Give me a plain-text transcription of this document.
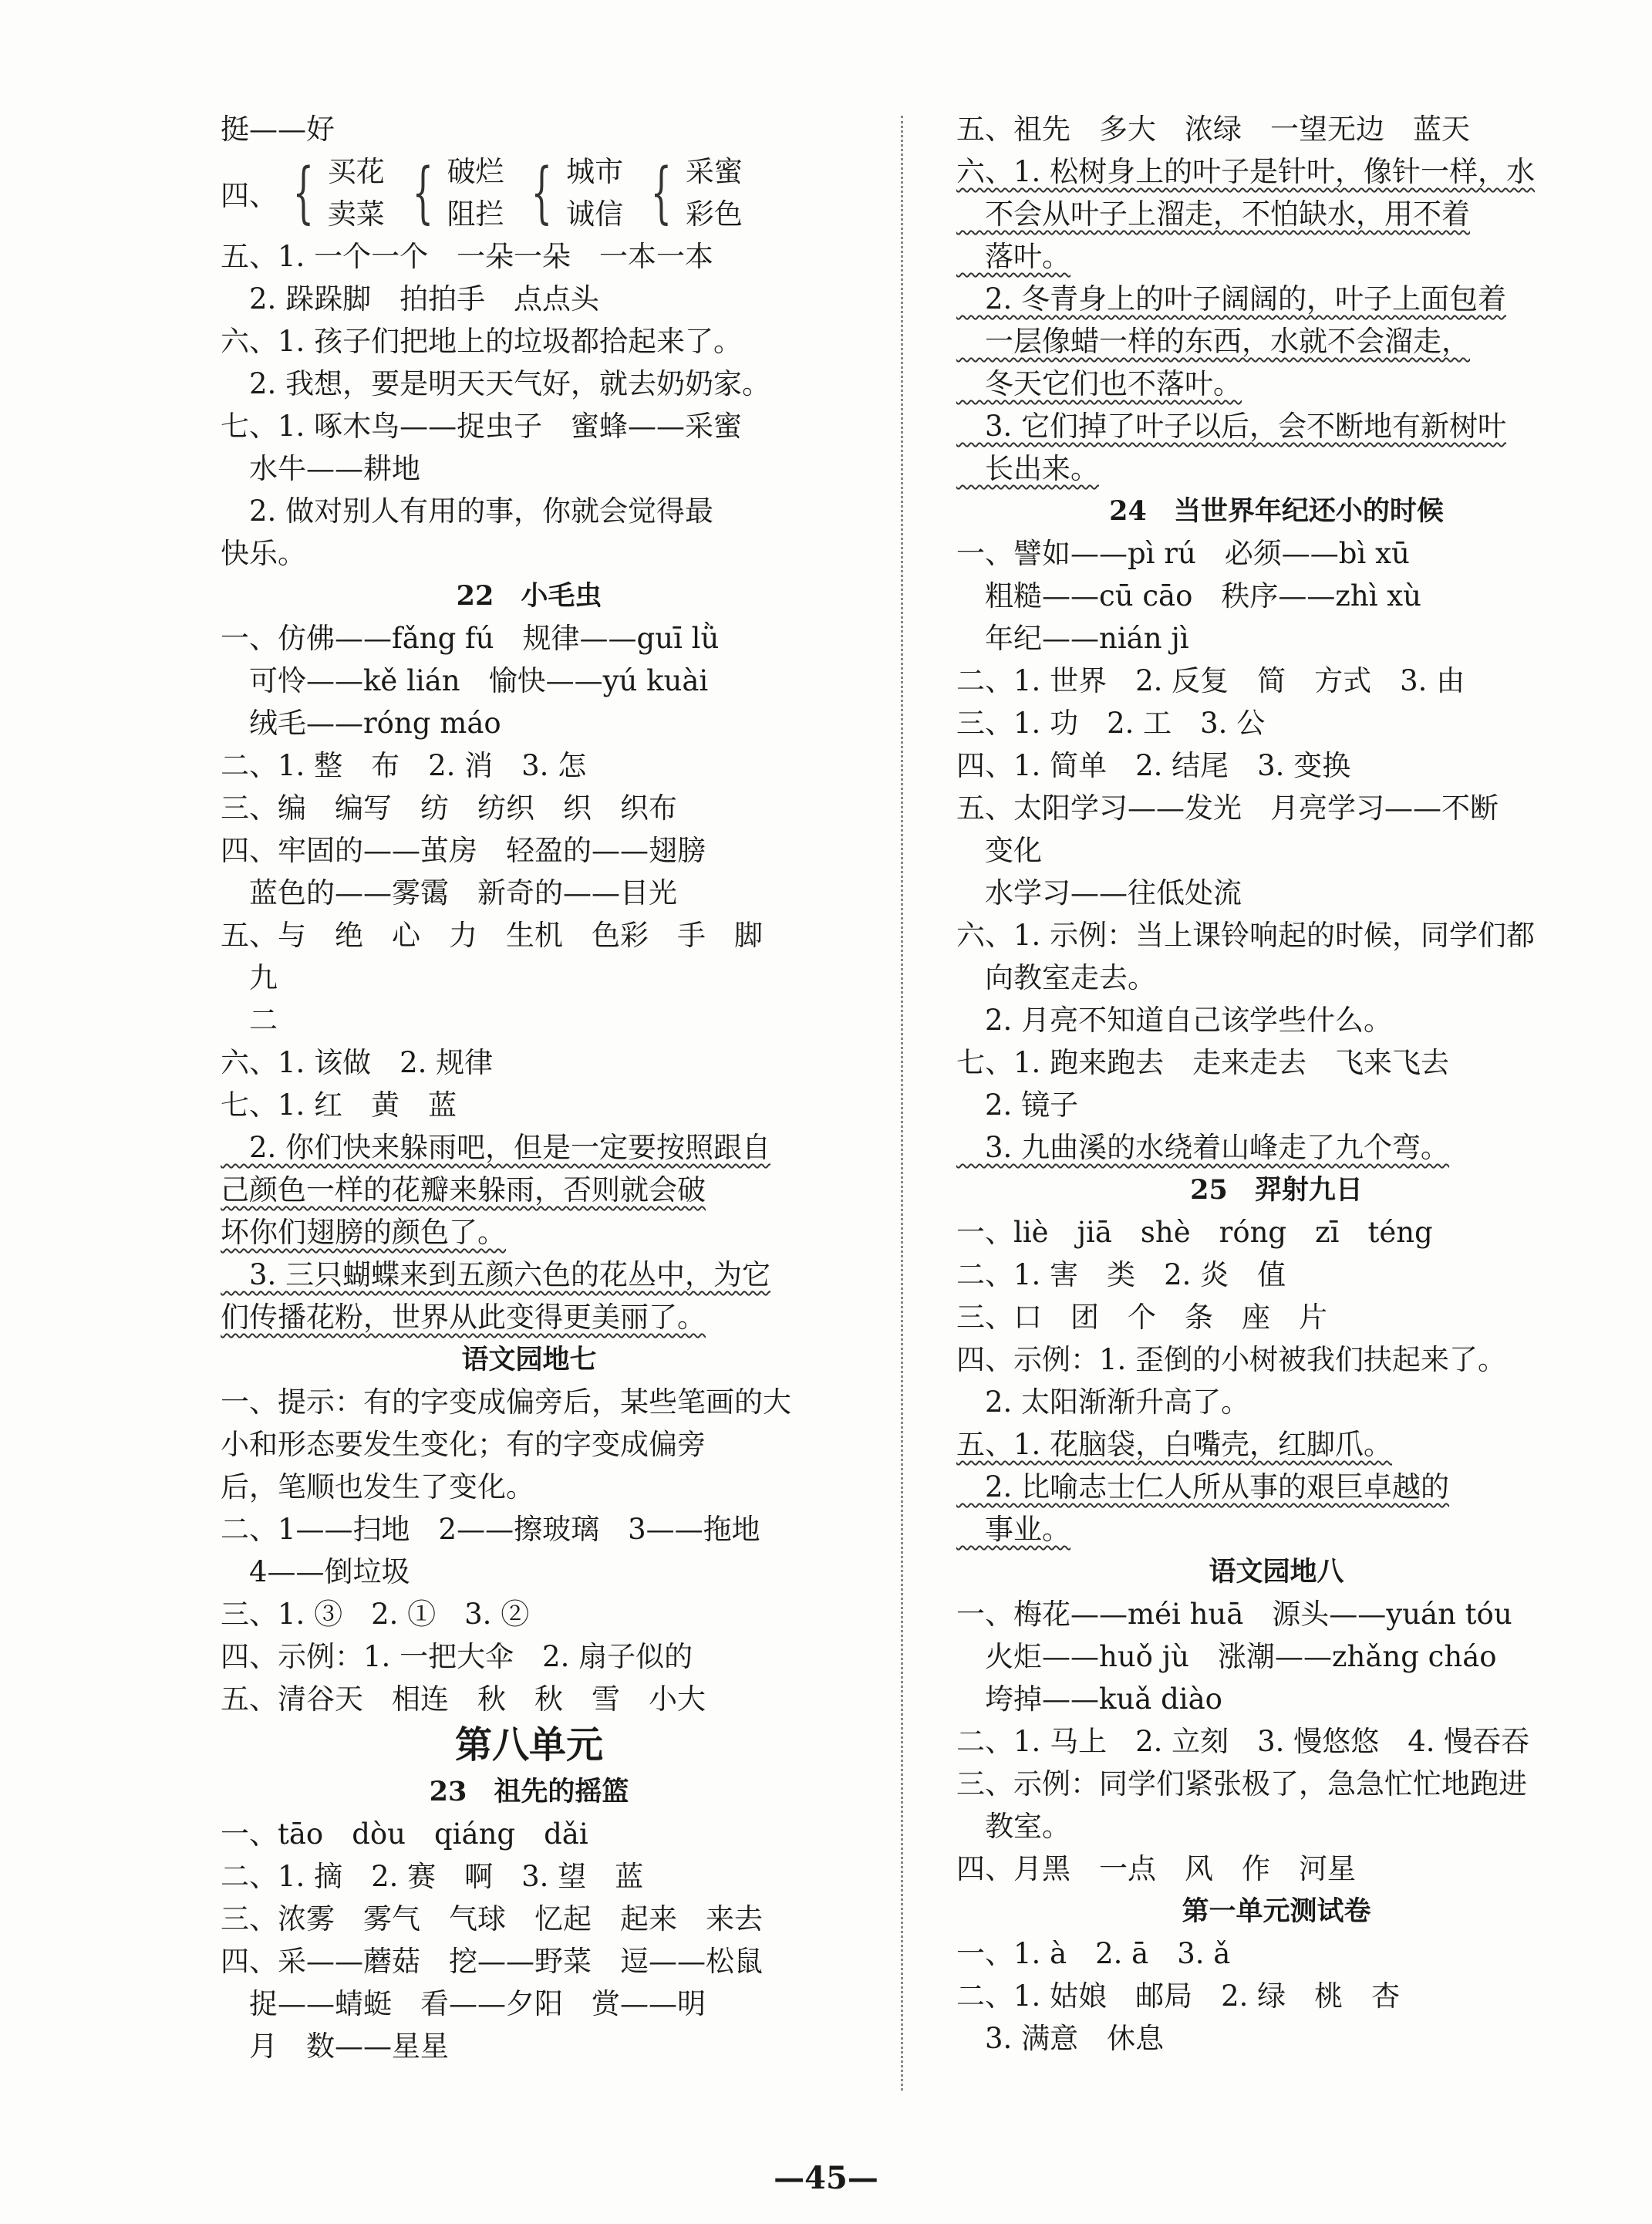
挺——好
四、 { 买花
卖菜 { 破烂
阻拦 { 城市
诚信 { 采蜜
彩色
五、1. 一个一个　一朵一朵　一本一本
　2. 跺跺脚　拍拍手　点点头
六、1. 孩子们把地上的垃圾都拾起来了。
　2. 我想，要是明天天气好，就去奶奶家。
七、1. 啄木鸟——捉虫子　蜜蜂——采蜜
　水牛——耕地
　2. 做对别人有用的事，你就会觉得最
快乐。
22　小毛虫
一、仿佛——fǎng fú　规律——guī lǜ
　可怜——kě lián　愉快——yú kuài
　绒毛——róng máo
二、1. 整　布　2. 消　3. 怎
三、编　编写　纺　纺织　织　织布
四、牢固的——茧房　轻盈的——翅膀
　蓝色的——雾霭　新奇的——目光
五、与　绝　心　力　生机　色彩　手　脚
　九
　二
六、1. 该做　2. 规律
七、1. 红　黄　蓝
　2. 你们快来躲雨吧，但是一定要按照跟自
己颜色一样的花瓣来躲雨，否则就会破
坏你们翅膀的颜色了。
　3. 三只蝴蝶来到五颜六色的花丛中，为它
们传播花粉，世界从此变得更美丽了。
语文园地七
一、提示：有的字变成偏旁后，某些笔画的大
小和形态要发生变化；有的字变成偏旁
后，笔顺也发生了变化。
二、1——扫地　2——擦玻璃　3——拖地
　4——倒垃圾
三、1. ③　2. ①　3. ②
四、示例：1. 一把大伞　2. 扇子似的
五、清谷天　相连　秋　秋　雪　小大
第八单元
23　祖先的摇篮
一、tāo　dòu　qiáng　dǎi
二、1. 摘　2. 赛　啊　3. 望　蓝
三、浓雾　雾气　气球　忆起　起来　来去
四、采——蘑菇　挖——野菜　逗——松鼠
　捉——蜻蜓　看——夕阳　赏——明
　月　数——星星
五、祖先　多大　浓绿　一望无边　蓝天
六、1. 松树身上的叶子是针叶，像针一样，水
　不会从叶子上溜走，不怕缺水，用不着
　落叶。
　2. 冬青身上的叶子阔阔的，叶子上面包着
　一层像蜡一样的东西，水就不会溜走，
　冬天它们也不落叶。
　3. 它们掉了叶子以后，会不断地有新树叶
　长出来。
24　当世界年纪还小的时候
一、譬如——pì rú　必须——bì xū
　粗糙——cū cāo　秩序——zhì xù
　年纪——nián jì
二、1. 世界　2. 反复　简　方式　3. 由
三、1. 功　2. 工　3. 公
四、1. 简单　2. 结尾　3. 变换
五、太阳学习——发光　月亮学习——不断
　变化
　水学习——往低处流
六、1. 示例：当上课铃响起的时候，同学们都
　向教室走去。
　2. 月亮不知道自己该学些什么。
七、1. 跑来跑去　走来走去　飞来飞去
　2. 镜子
　3. 九曲溪的水绕着山峰走了九个弯。
25　羿射九日
一、liè　jiā　shè　róng　zī　téng
二、1. 害　类　2. 炎　值
三、口　团　个　条　座　片
四、示例：1. 歪倒的小树被我们扶起来了。
　2. 太阳渐渐升高了。
五、1. 花脑袋，白嘴壳，红脚爪。
　2. 比喻志士仁人所从事的艰巨卓越的
　事业。
语文园地八
一、梅花——méi huā　源头——yuán tóu
　火炬——huǒ jù　涨潮——zhǎng cháo
　垮掉——kuǎ diào
二、1. 马上　2. 立刻　3. 慢悠悠　4. 慢吞吞
三、示例：同学们紧张极了，急急忙忙地跑进
　教室。
四、月黑　一点　风　作　河星
第一单元测试卷
一、1. à　2. ā　3. ǎ
二、1. 姑娘　邮局　2. 绿　桃　杏
　3. 满意　休息
—45—
